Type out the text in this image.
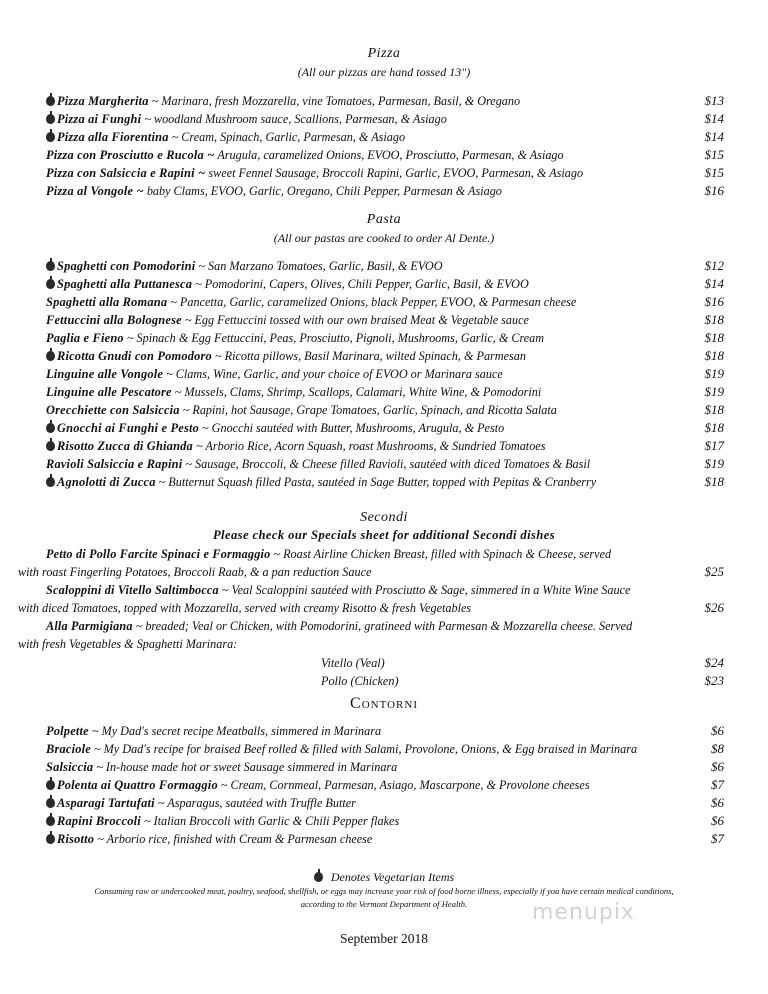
Pizza
(All our pizzas are hand tossed 13")
Pizza Margherita ~ Marinara, fresh Mozzarella, vine Tomatoes, Parmesan, Basil, & Oregano	$13
Pizza ai Funghi ~ woodland Mushroom sauce, Scallions, Parmesan, & Asiago	$14
Pizza alla Fiorentina ~ Cream, Spinach, Garlic, Parmesan, & Asiago	$14
Pizza con Prosciutto e Rucola ~ Arugula, caramelized Onions, EVOO, Prosciutto, Parmesan, & Asiago	$15
Pizza con Salsiccia e Rapini ~ sweet Fennel Sausage, Broccoli Rapini, Garlic, EVOO, Parmesan, & Asiago	$15
Pizza al Vongole ~ baby Clams, EVOO, Garlic, Oregano, Chili Pepper, Parmesan & Asiago	$16
Pasta
(All our pastas are cooked to order Al Dente.)
Spaghetti con Pomodorini ~ San Marzano Tomatoes, Garlic, Basil, & EVOO	$12
Spaghetti alla Puttanesca ~ Pomodorini, Capers, Olives, Chili Pepper, Garlic, Basil, & EVOO	$14
Spaghetti alla Romana ~ Pancetta, Garlic, caramelized Onions, black Pepper, EVOO, & Parmesan cheese	$16
Fettuccini alla Bolognese ~ Egg Fettuccini tossed with our own braised Meat & Vegetable sauce	$18
Paglia e Fieno ~ Spinach & Egg Fettuccini, Peas, Prosciutto, Pignoli, Mushrooms, Garlic, & Cream	$18
Ricotta Gnudi con Pomodoro ~ Ricotta pillows, Basil Marinara, wilted Spinach, & Parmesan	$18
Linguine alle Vongole ~ Clams, Wine, Garlic, and your choice of EVOO or Marinara sauce	$19
Linguine alle Pescatore ~ Mussels, Clams, Shrimp, Scallops, Calamari, White Wine, & Pomodorini	$19
Orecchiette con Salsiccia ~ Rapini, hot Sausage, Grape Tomatoes, Garlic, Spinach, and Ricotta Salata	$18
Gnocchi ai Funghi e Pesto ~ Gnocchi sautéed with Butter, Mushrooms, Arugula, & Pesto	$18
Risotto Zucca di Ghianda ~ Arborio Rice, Acorn Squash, roast Mushrooms, & Sundried Tomatoes	$17
Ravioli Salsiccia e Rapini ~ Sausage, Broccoli, & Cheese filled Ravioli, sautéed with diced Tomatoes & Basil	$19
Agnolotti di Zucca ~ Butternut Squash filled Pasta, sautéed in Sage Butter, topped with Pepitas & Cranberry	$18
Secondi
Please check our Specials sheet for additional Secondi dishes
Petto di Pollo Farcite Spinaci e Formaggio ~ Roast Airline Chicken Breast, filled with Spinach & Cheese, served
with roast Fingerling Potatoes, Broccoli Raab, & a pan reduction Sauce	$25
Scaloppini di Vitello Saltimbocca ~ Veal Scaloppini sautéed with Prosciutto & Sage, simmered in a White Wine Sauce
with diced Tomatoes, topped with Mozzarella, served with creamy Risotto & fresh Vegetables	$26
Alla Parmigiana ~ breaded; Veal or Chicken, with Pomodorini, gratineed with Parmesan & Mozzarella cheese. Served
with fresh Vegetables & Spaghetti Marinara:
Vitello (Veal)	$24
Pollo (Chicken)	$23
Contorni
Polpette ~ My Dad's secret recipe Meatballs, simmered in Marinara	$6
Braciole ~ My Dad's recipe for braised Beef rolled & filled with Salami, Provolone, Onions, & Egg braised in Marinara	$8
Salsiccia ~ In-house made hot or sweet Sausage simmered in Marinara	$6
Polenta ai Quattro Formaggio ~ Cream, Cornmeal, Parmesan, Asiago, Mascarpone, & Provolone cheeses	$7
Asparagi Tartufati ~ Asparagus, sautéed with Truffle Butter	$6
Rapini Broccoli ~ Italian Broccoli with Garlic & Chili Pepper flakes	$6
Risotto ~ Arborio rice, finished with Cream & Parmesan cheese	$7
Denotes Vegetarian Items
Consuming raw or undercooked meat, poultry, seafood, shellfish, or eggs may increase your risk of food borne illness, especially if you have certain medical conditions,
according to the Vermont Department of Health.
September 2018
menupix
